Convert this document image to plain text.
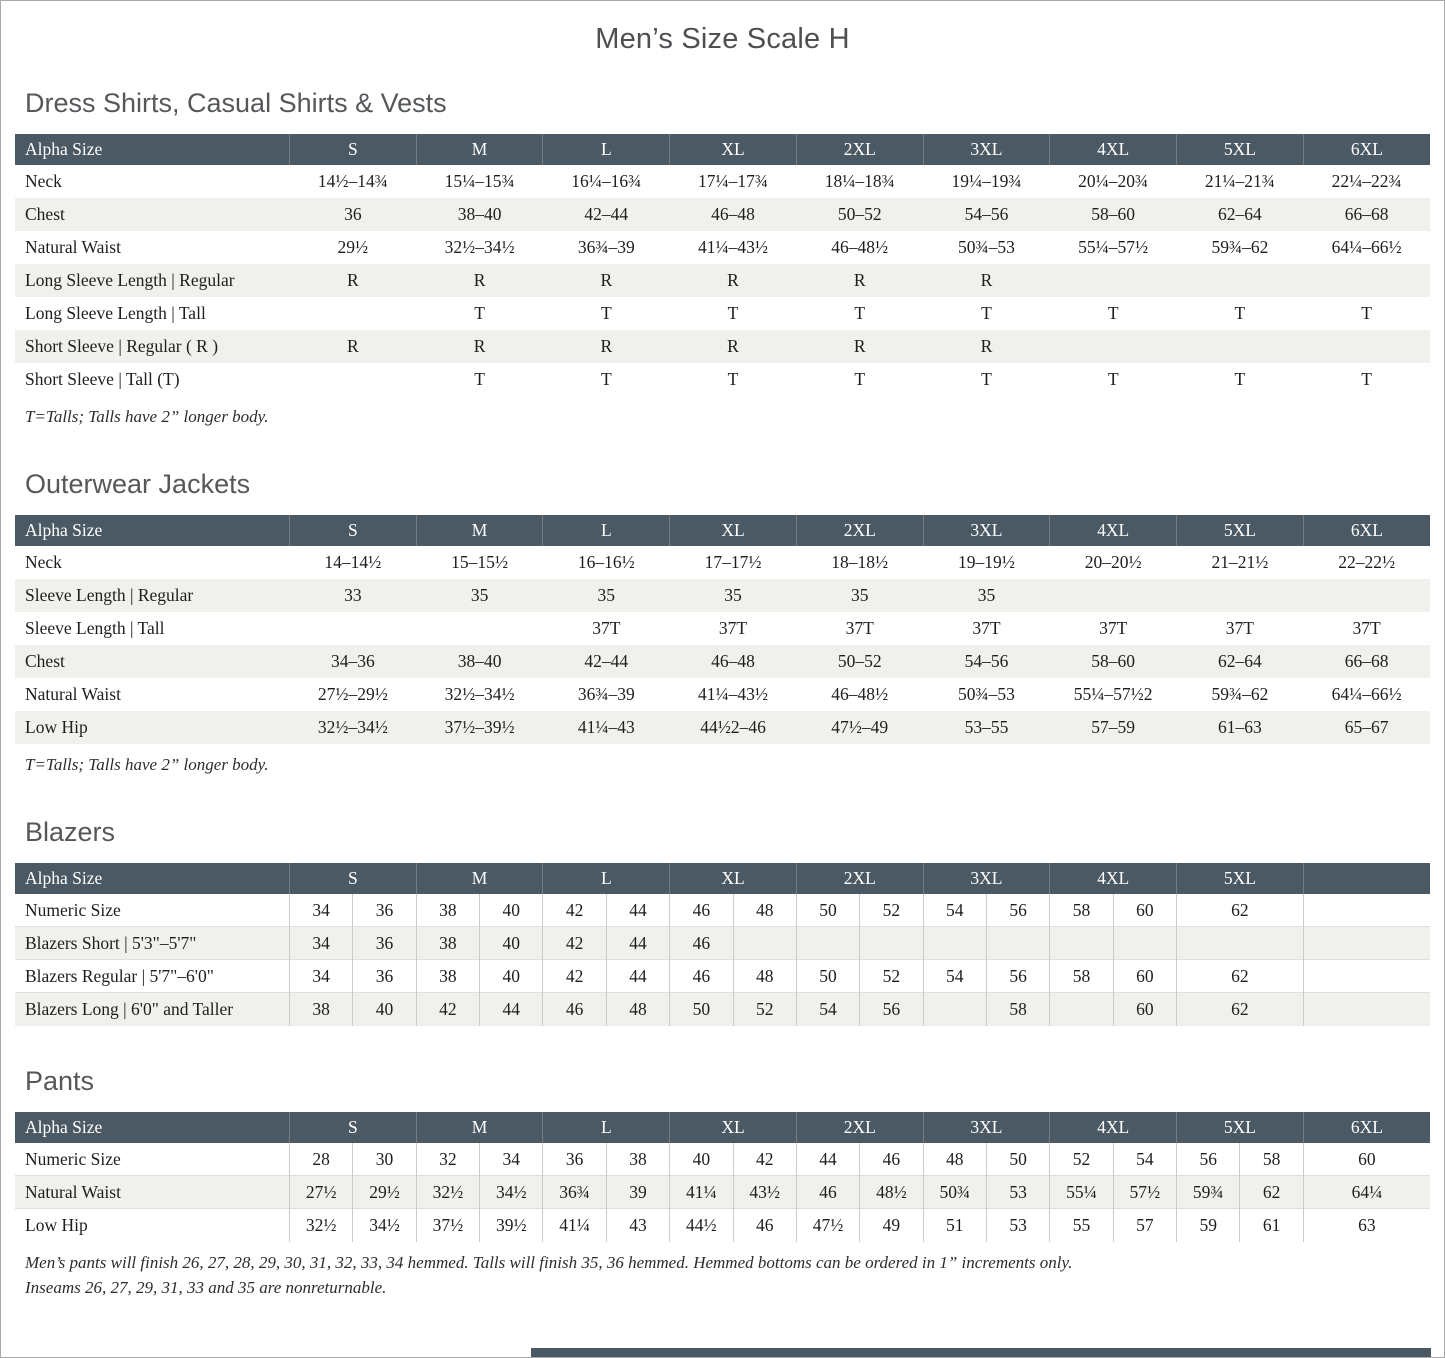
Men’s Size Scale H
Dress Shirts, Casual Shirts & Vests
Alpha Size	S	M	L	XL	2XL	3XL	4XL	5XL	6XL
Neck	14½–14¾	15¼–15¾	16¼–16¾	17¼–17¾	18¼–18¾	19¼–19¾	20¼–20¾	21¼–21¾	22¼–22¾
Chest	36	38–40	42–44	46–48	50–52	54–56	58–60	62–64	66–68
Natural Waist	29½	32½–34½	36¾–39	41¼–43½	46–48½	50¾–53	55¼–57½	59¾–62	64¼–66½
Long Sleeve Length | Regular	R	R	R	R	R	R			
Long Sleeve Length | Tall		T	T	T	T	T	T	T	T
Short Sleeve | Regular ( R )	R	R	R	R	R	R			
Short Sleeve | Tall (T)		T	T	T	T	T	T	T	T

T=Talls; Talls have 2” longer body.

Outerwear Jackets
Alpha Size	S	M	L	XL	2XL	3XL	4XL	5XL	6XL
Neck	14–14½	15–15½	16–16½	17–17½	18–18½	19–19½	20–20½	21–21½	22–22½
Sleeve Length | Regular	33	35	35	35	35	35			
Sleeve Length | Tall			37T	37T	37T	37T	37T	37T	37T
Chest	34–36	38–40	42–44	46–48	50–52	54–56	58–60	62–64	66–68
Natural Waist	27½–29½	32½–34½	36¾–39	41¼–43½	46–48½	50¾–53	55¼–57½2	59¾–62	64¼–66½
Low Hip	32½–34½	37½–39½	41¼–43	44½2–46	47½–49	53–55	57–59	61–63	65–67

T=Talls; Talls have 2” longer body.

Blazers
Alpha Size	S		M		L		XL		2XL		3XL		4XL		5XL	
Numeric Size	34	36	38	40	42	44	46	48	50	52	54	56	58	60	62	
Blazers Short | 5'3"–5'7"	34	36	38	40	42	44	46									
Blazers Regular | 5'7"–6'0"	34	36	38	40	42	44	46	48	50	52	54	56	58	60	62	
Blazers Long | 6'0" and Taller	38	40	42	44	46	48	50	52	54	56		58		60	62	
Pants
Alpha Size	S		M		L		XL		2XL		3XL		4XL		5XL		6XL
Numeric Size	28	30	32	34	36	38	40	42	44	46	48	50	52	54	56	58	60
Natural Waist	27½	29½	32½	34½	36¾	39	41¼	43½	46	48½	50¾	53	55¼	57½	59¾	62	64¼
Low Hip	32½	34½	37½	39½	41¼	43	44½	46	47½	49	51	53	55	57	59	61	63

Men’s pants will finish 26, 27, 28, 29, 30, 31, 32, 33, 34 hemmed. Talls will finish 35, 36 hemmed. Hemmed bottoms can be ordered in 1” increments only.

Inseams 26, 27, 29, 31, 33 and 35 are nonreturnable.
